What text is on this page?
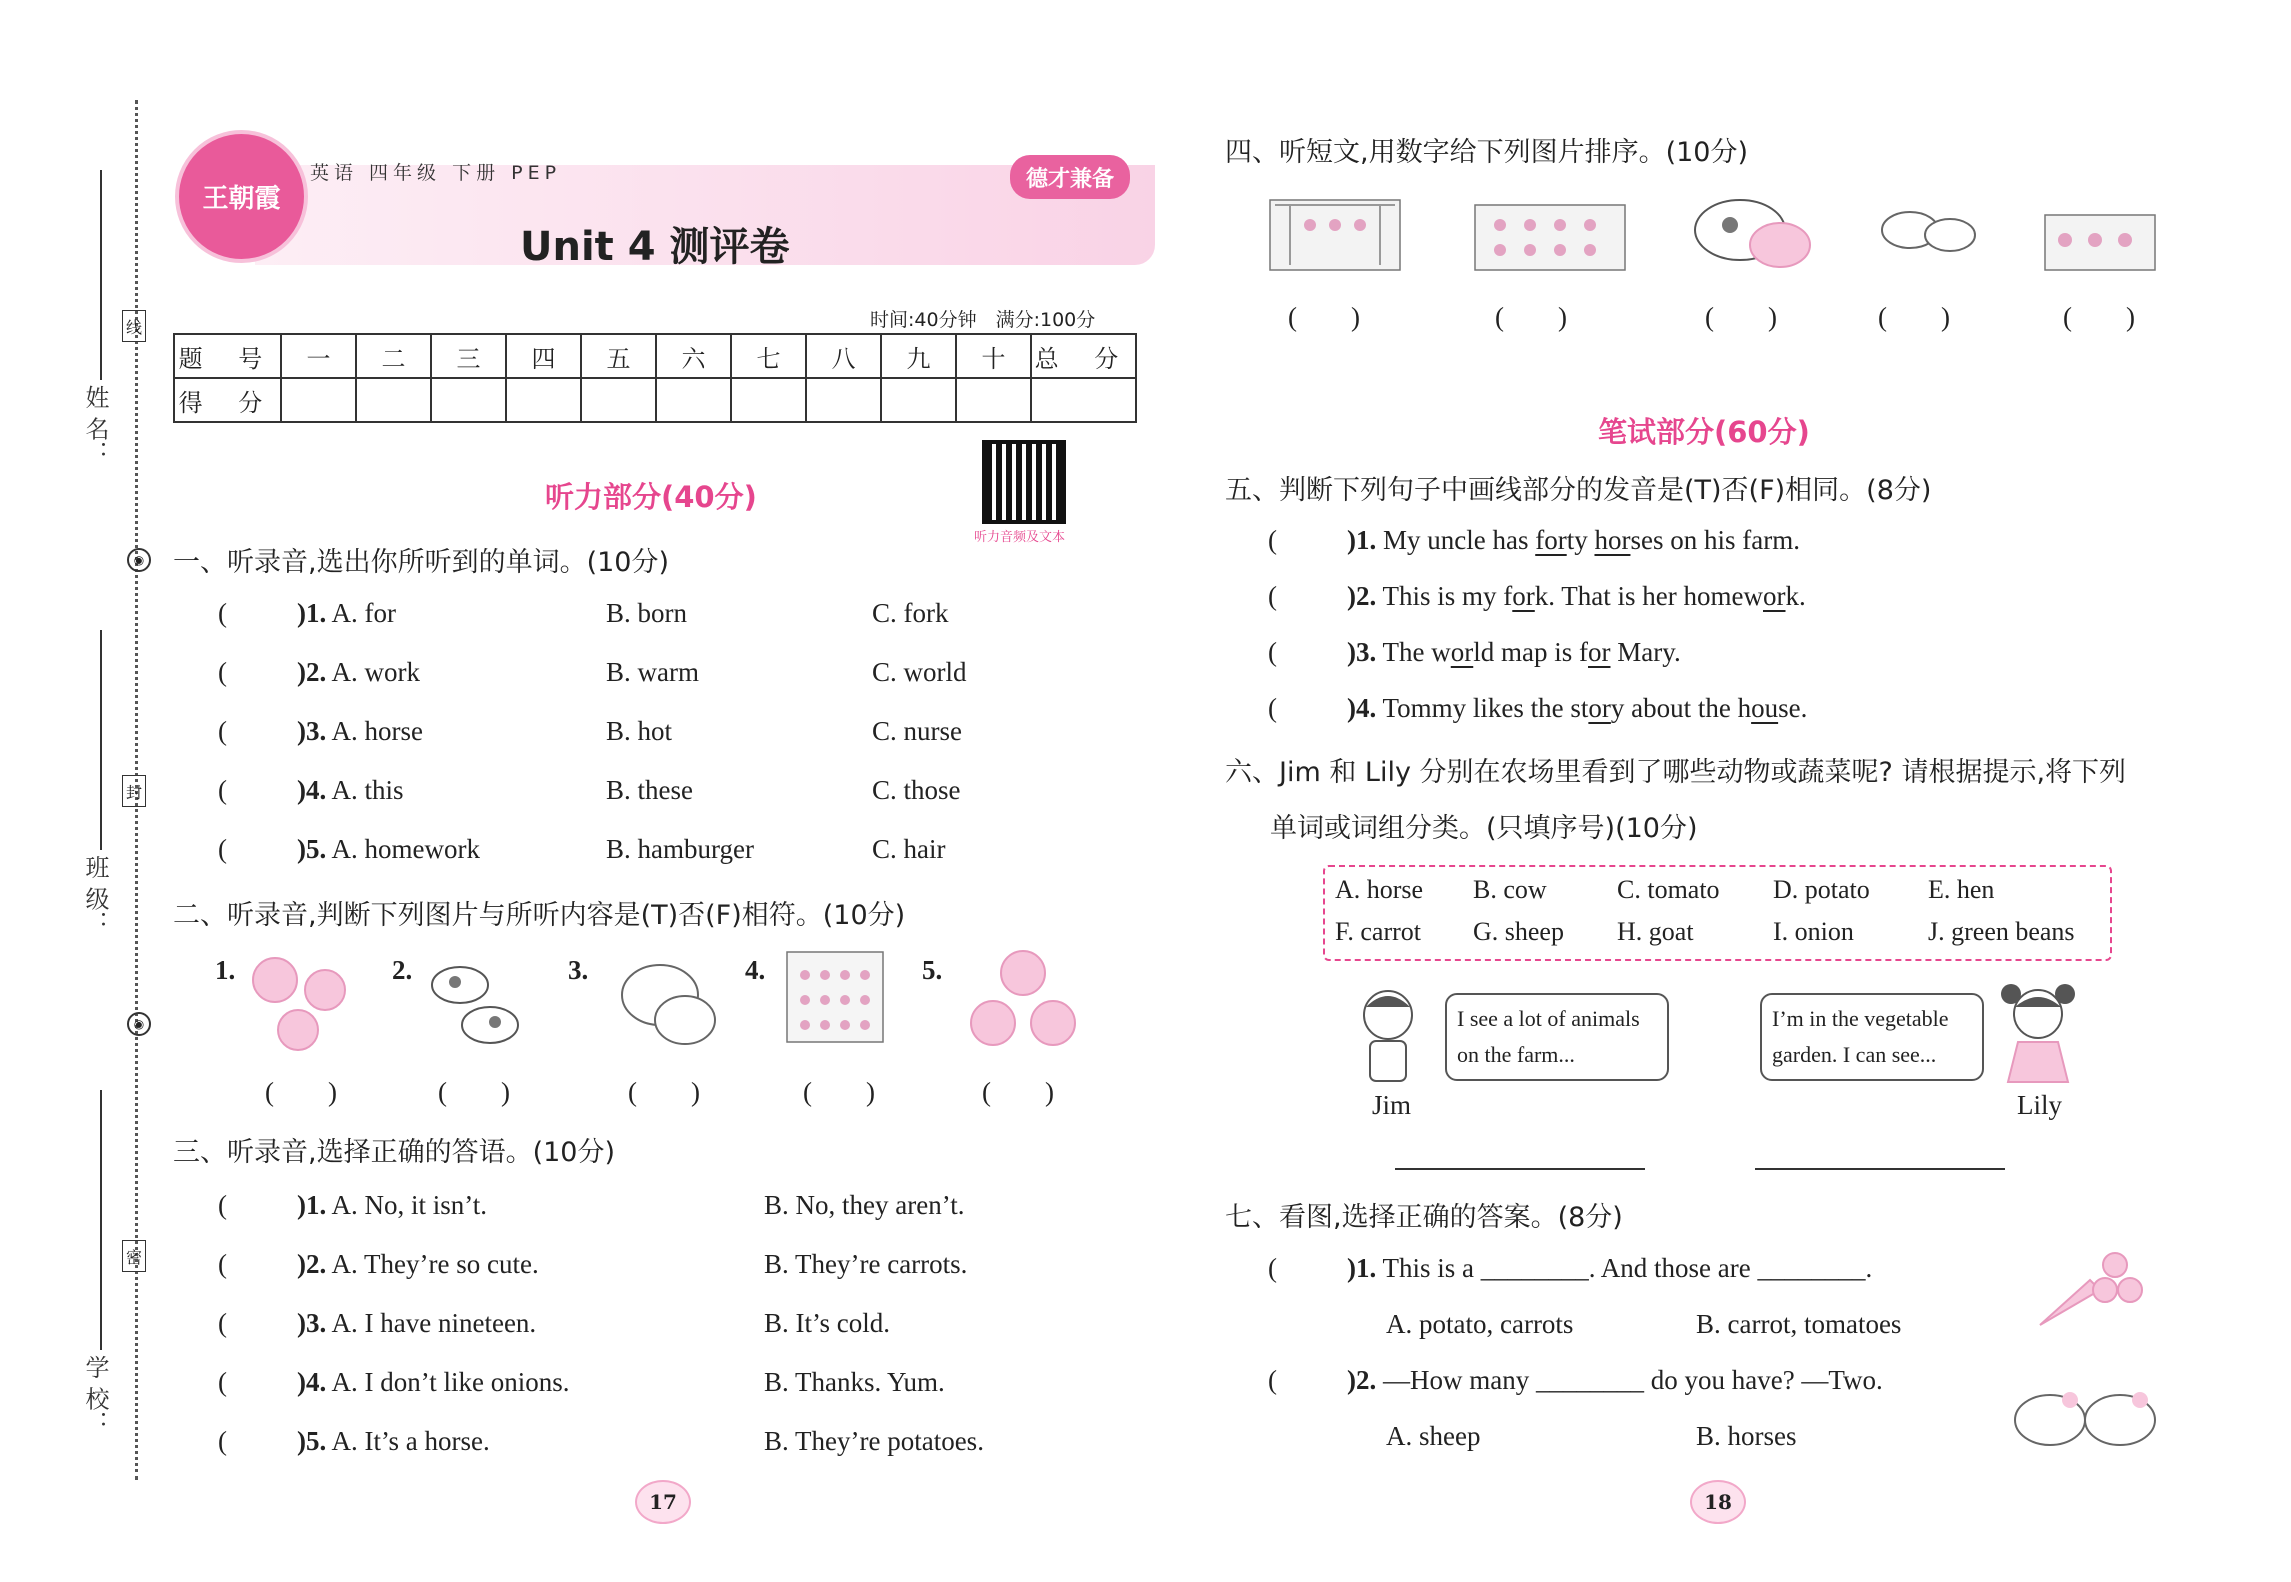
姓 名：
班 级：
学 校：
线
封
密
◉
◉
王朝霞
英语 四年级 下册 PEP	德才兼备
Unit 4 测评卷
时间:40分钟　满分:100分
题 号	一	二	三	四	五	六	七	八	九	十	总 分
得 分											
听力部分(40分)
听力音频及文本
一、听录音,选出你所听到的单词。(10分)
(	)1. A. for	B. born	C. fork
(	)2. A. work	B. warm	C. world
(	)3. A. horse	B. hot	C. nurse
(	)4. A. this	B. these	C. those
(	)5. A. homework	B. hamburger	C. hair
二、听录音,判断下列图片与所听内容是(T)否(F)相符。(10分)
1.	2.	3.	4.	5.
(　　)	(　　)	(　　)	(　　)	(　　)
三、听录音,选择正确的答语。(10分)
(	)1. A. No, it isn’t.	B. No, they aren’t.
(	)2. A. They’re so cute.	B. They’re carrots.
(	)3. A. I have nineteen.	B. It’s cold.
(	)4. A. I don’t like onions.	B. Thanks. Yum.
(	)5. A. It’s a horse.	B. They’re potatoes.
17
四、听短文,用数字给下列图片排序。(10分)
(　　)	(　　)	(　　)	(　　)	(　　)
笔试部分(60分)
五、判断下列句子中画线部分的发音是(T)否(F)相同。(8分)
(	)1. My uncle has forty horses on his farm.
(	)2. This is my fork. That is her homework.
(	)3. The world map is for Mary.
(	)4. Tommy likes the story about the house.
六、Jim 和 Lily 分别在农场里看到了哪些动物或蔬菜呢? 请根据提示,将下列
单词或词组分类。(只填序号)(10分)
A. horse B. cow	C. tomato D. potato E. hen
F. carrot G. sheep H. goat	I. onion	J. green beans
I see a lot of animals on the farm...
Jim
I’m in the vegetable garden. I can see...
Lily
七、看图,选择正确的答案。(8分)
(	)1. This is a ________. And those are ________.
A. potato, carrots	B. carrot, tomatoes
(	)2. —How many ________ do you have? —Two.
A. sheep	B. horses
18
